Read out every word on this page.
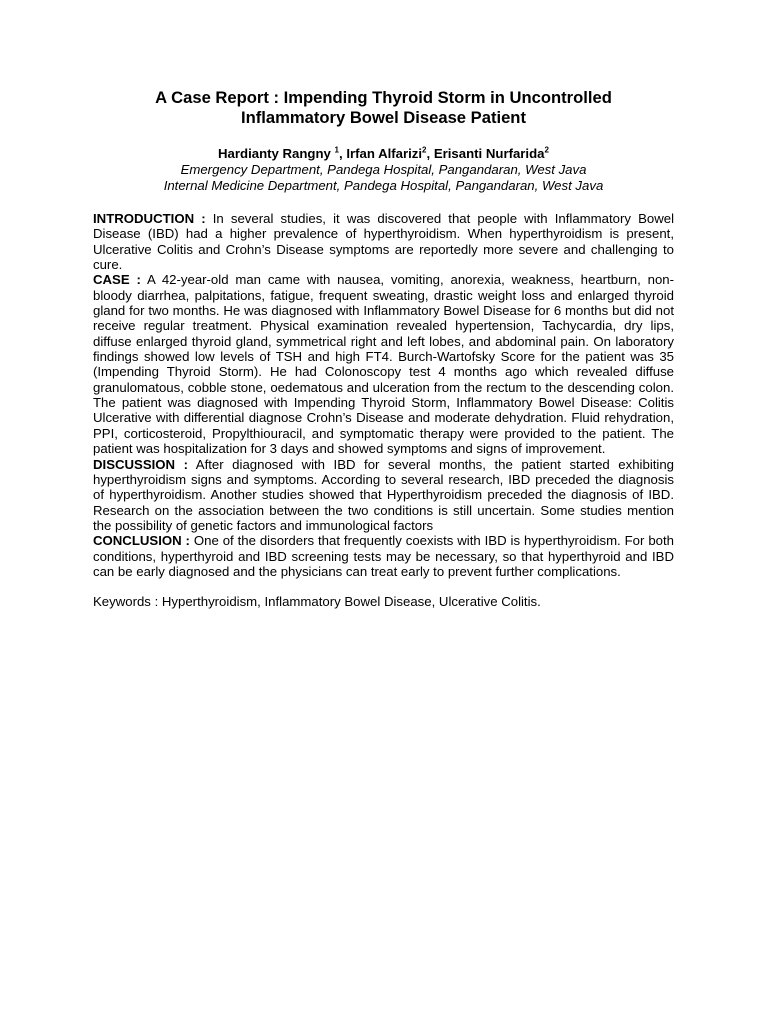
A Case Report : Impending Thyroid Storm in Uncontrolled
Inflammatory Bowel Disease Patient
Hardianty Rangny $^1$, Irfan Alfarizi$^2$, Erisanti Nurfarida$^2$
Emergency Department, Pandega Hospital, Pangandaran, West Java
Internal Medicine Department, Pandega Hospital, Pangandaran, West Java

INTRODUCTION : In several studies, it was discovered that people with Inflammatory Bowel Disease (IBD) had a higher prevalence of hyperthyroidism. When hyperthyroidism is present, Ulcerative Colitis and Crohn’s Disease symptoms are reportedly more severe and challenging to cure.

CASE : A 42-year-old man came with nausea, vomiting, anorexia, weakness, heartburn, non-bloody diarrhea, palpitations, fatigue, frequent sweating, drastic weight loss and enlarged thyroid gland for two months. He was diagnosed with Inflammatory Bowel Disease for 6 months but did not receive regular treatment. Physical examination revealed hypertension, Tachycardia, dry lips, diffuse enlarged thyroid gland, symmetrical right and left lobes, and abdominal pain. On laboratory findings showed low levels of TSH and high FT4. Burch-Wartofsky Score for the patient was 35 (Impending Thyroid Storm). He had Colonoscopy test 4 months ago which revealed diffuse granulomatous, cobble stone, oedematous and ulceration from the rectum to the descending colon. The patient was diagnosed with Impending Thyroid Storm, Inflammatory Bowel Disease: Colitis Ulcerative with differential diagnose Crohn’s Disease and moderate dehydration. Fluid rehydration, PPI, corticosteroid, Propylthiouracil, and symptomatic therapy were provided to the patient. The patient was hospitalization for 3 days and showed symptoms and signs of improvement.

DISCUSSION : After diagnosed with IBD for several months, the patient started exhibiting hyperthyroidism signs and symptoms. According to several research, IBD preceded the diagnosis of hyperthyroidism. Another studies showed that Hyperthyroidism preceded the diagnosis of IBD. Research on the association between the two conditions is still uncertain. Some studies mention the possibility of genetic factors and immunological factors

CONCLUSION : One of the disorders that frequently coexists with IBD is hyperthyroidism. For both conditions, hyperthyroid and IBD screening tests may be necessary, so that hyperthyroid and IBD can be early diagnosed and the physicians can treat early to prevent further complications.

Keywords : Hyperthyroidism, Inflammatory Bowel Disease, Ulcerative Colitis.
